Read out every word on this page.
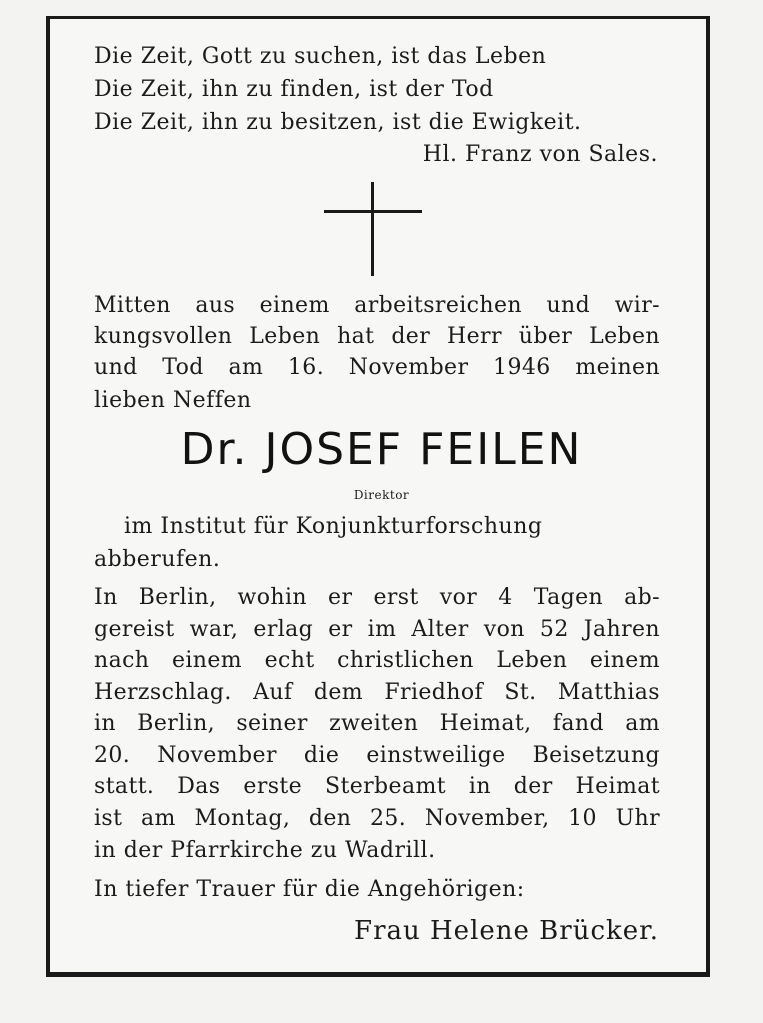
Die Zeit, Gott zu suchen, ist das Leben
Die Zeit, ihn zu finden, ist der Tod
Die Zeit, ihn zu besitzen, ist die Ewigkeit.
Hl. Franz von Sales.
Mitten aus einem arbeitsreichen und wir-
kungsvollen Leben hat der Herr über Leben
und Tod am 16. November 1946 meinen
lieben Neffen
Dr. JOSEF FEILEN
Direktor
im Institut für Konjunkturforschung
abberufen.
In Berlin, wohin er erst vor 4 Tagen ab-
gereist war, erlag er im Alter von 52 Jahren
nach einem echt christlichen Leben einem
Herzschlag. Auf dem Friedhof St. Matthias
in Berlin, seiner zweiten Heimat, fand am
20. November die einstweilige Beisetzung
statt. Das erste Sterbeamt in der Heimat
ist am Montag, den 25. November, 10 Uhr
in der Pfarrkirche zu Wadrill.
In tiefer Trauer für die Angehörigen:
Frau Helene Brücker.
